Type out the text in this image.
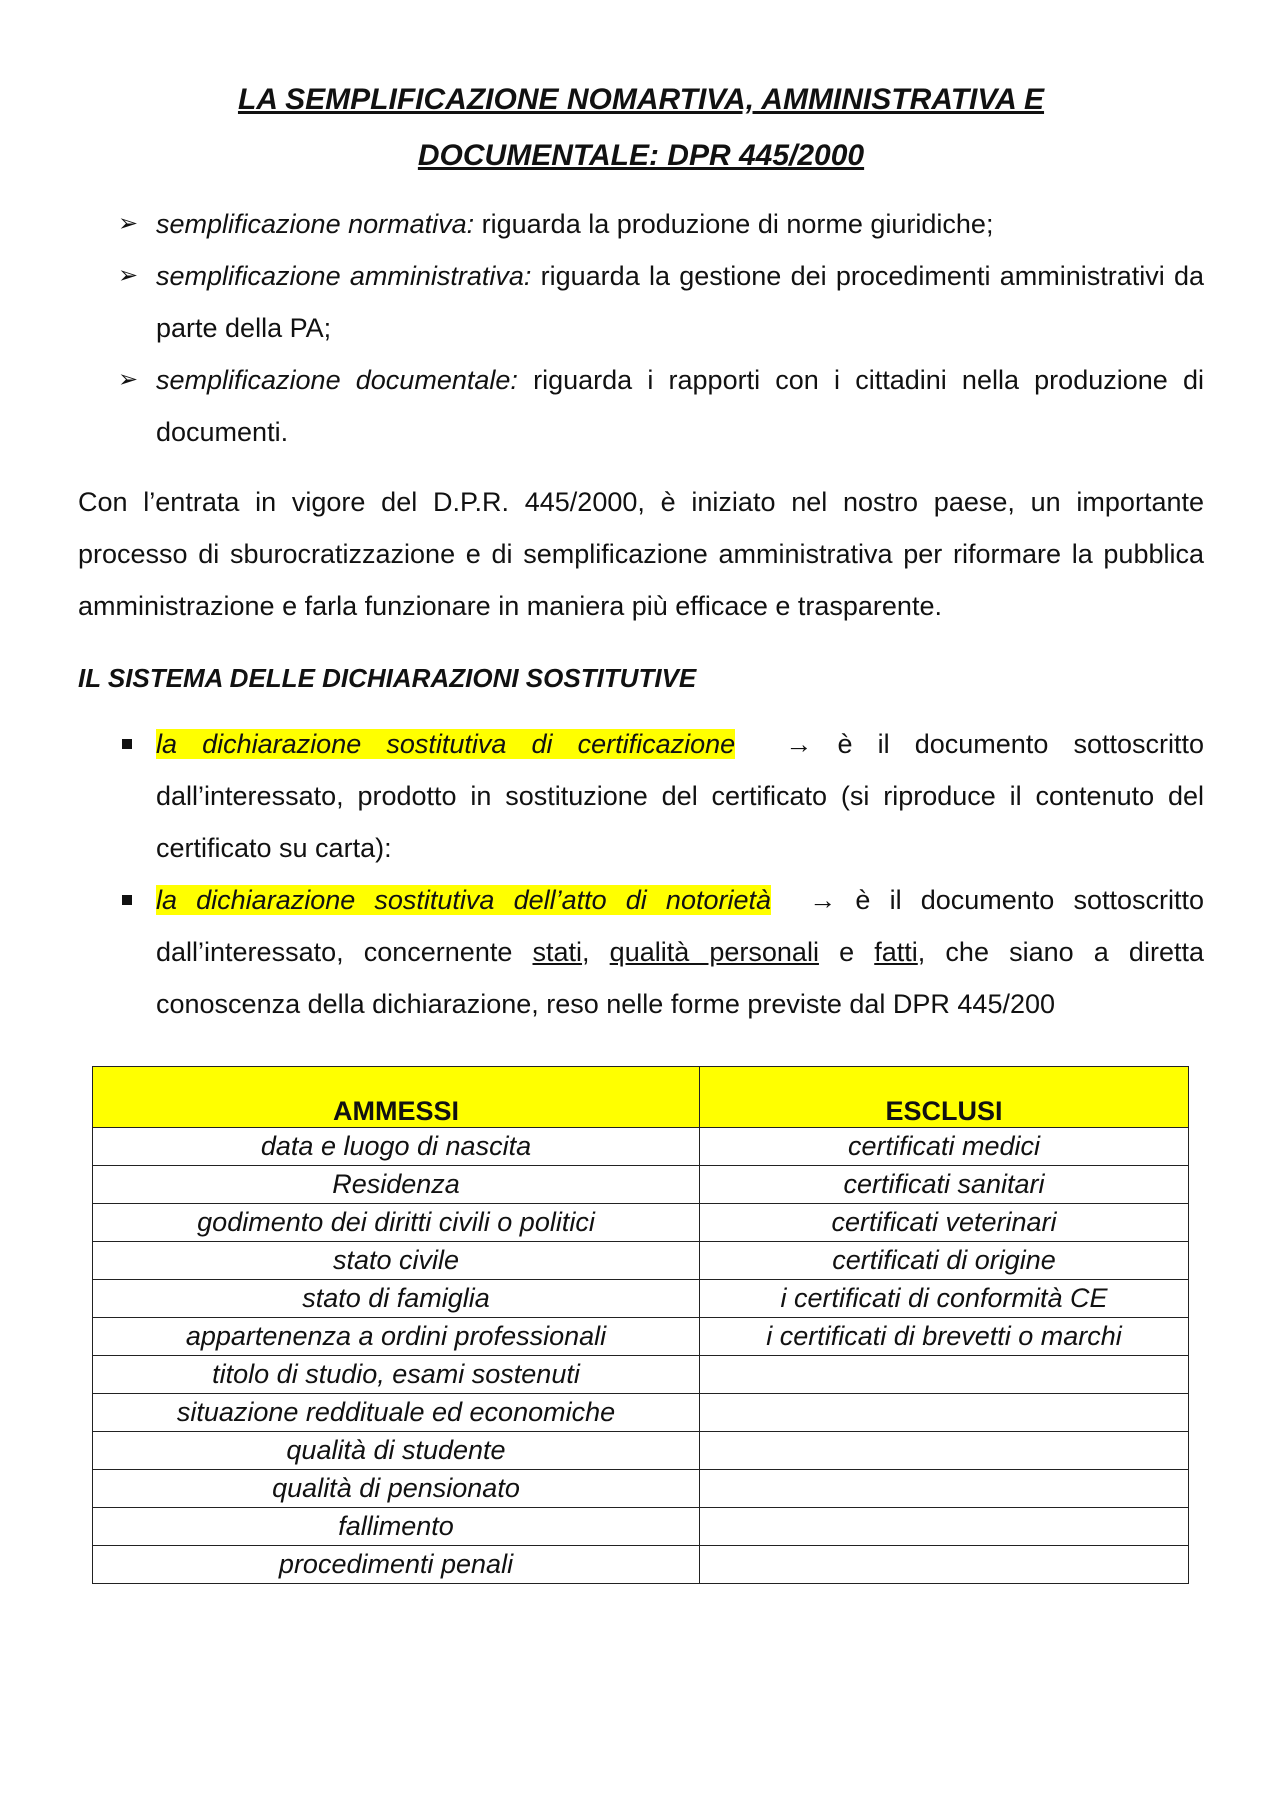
LA SEMPLIFICAZIONE NOMARTIVA, AMMINISTRATIVA E
DOCUMENTALE: DPR 445/2000
➢ semplificazione normativa: riguarda la produzione di norme giuridiche;
➢ semplificazione amministrativa: riguarda la gestione dei procedimenti amministrativi da parte della PA;
➢ semplificazione documentale: riguarda i rapporti con i cittadini nella produzione di documenti.

Con l’entrata in vigore del D.P.R. 445/2000, è iniziato nel nostro paese, un importante processo di sburocratizzazione e di semplificazione amministrativa per riformare la pubblica amministrazione e farla funzionare in maniera più efficace e trasparente.

IL SISTEMA DELLE DICHIARAZIONI SOSTITUTIVE
la dichiarazione sostitutiva di certificazione → è il documento sottoscritto dall’interessato, prodotto in sostituzione del certificato (si riproduce il contenuto del certificato su carta):
la dichiarazione sostitutiva dell’atto di notorietà → è il documento sottoscritto dall’interessato, concernente stati, qualità personali e fatti, che siano a diretta conoscenza della dichiarazione, reso nelle forme previste dal DPR 445/200
AMMESSI	ESCLUSI
data e luogo di nascita	certificati medici
Residenza	certificati sanitari
godimento dei diritti civili o politici	certificati veterinari
stato civile	certificati di origine
stato di famiglia	i certificati di conformità CE
appartenenza a ordini professionali	i certificati di brevetti o marchi
titolo di studio, esami sostenuti	
situazione reddituale ed economiche	
qualità di studente	
qualità di pensionato	
fallimento	
procedimenti penali	
